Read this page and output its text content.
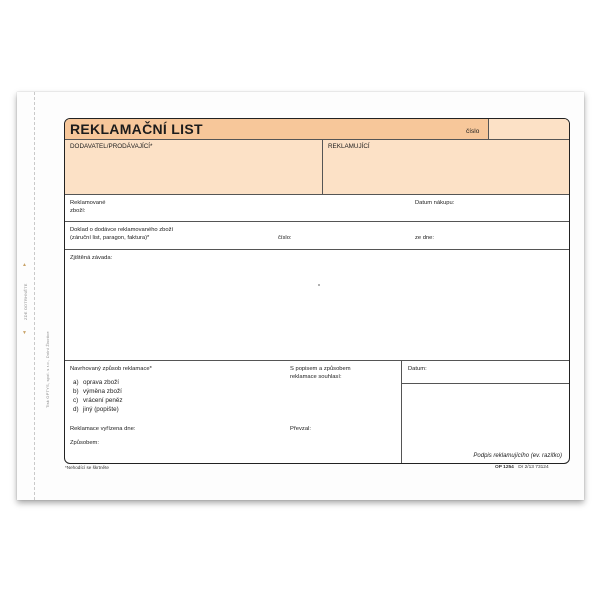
ZDE ODTRHNĚTE
Tisk OPTYS, spol. s r.o., Dolní Životice
▲
▼
REKLAMAČNÍ LIST	číslo
DODAVATEL/PRODÁVAJÍCÍ*	REKLAMUJÍCÍ
Reklamované
zboží:
Datum nákupu:
Doklad o dodávce reklamovaného zboží
(záruční list, paragon, faktura)*	číslo:	ze dne:
Zjištěná závada:
Navrhovaný způsob reklamace*
a) oprava zboží
b) výměna zboží
c) vrácení peněz
d) jiný (popište)
S popisem a způsobem
reklamace souhlasí:
Datum:
Reklamace vyřízena dne:	Převzal:
Způsobem:
Podpis reklamujícího (ev. razítko)
*Nehodící se škrtněte	OP 1254 Dr 2/13 73124
